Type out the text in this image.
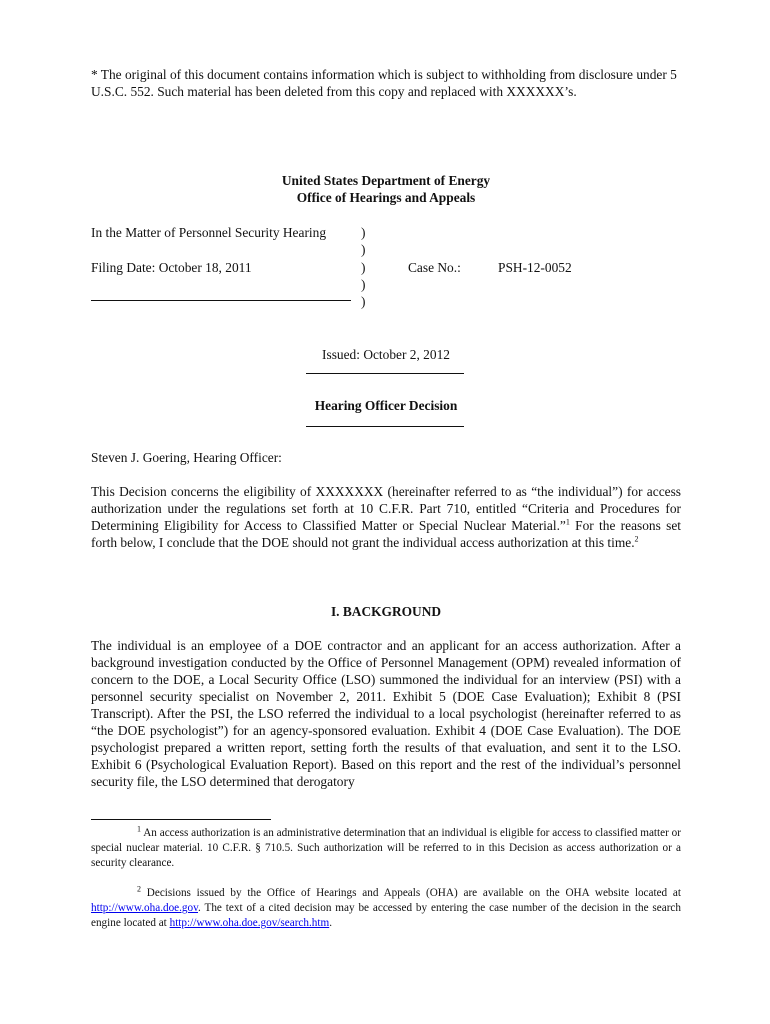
* The original of this document contains information which is subject to withholding from disclosure under 5 U.S.C. 552. Such material has been deleted from this copy and replaced with XXXXXX’s.
United States Department of Energy
Office of Hearings and Appeals
In the Matter of Personnel Security Hearing
Filing Date: October 18, 2011
)
)
)
)
)
Case No.:	PSH-12-0052
Issued: October 2, 2012
Hearing Officer Decision
Steven J. Goering, Hearing Officer:
This Decision concerns the eligibility of XXXXXXX (hereinafter referred to as “the individual”) for access authorization under the regulations set forth at 10 C.F.R. Part 710, entitled “Criteria and Procedures for Determining Eligibility for Access to Classified Matter or Special Nuclear Material.”$^1$ For the reasons set forth below, I conclude that the DOE should not grant the individual access authorization at this time.$^2$
I. BACKGROUND
The individual is an employee of a DOE contractor and an applicant for an access authorization. After a background investigation conducted by the Office of Personnel Management (OPM) revealed information of concern to the DOE, a Local Security Office (LSO) summoned the individual for an interview (PSI) with a personnel security specialist on November 2, 2011. Exhibit 5 (DOE Case Evaluation); Exhibit 8 (PSI Transcript). After the PSI, the LSO referred the individual to a local psychologist (hereinafter referred to as “the DOE psychologist”) for an agency-sponsored evaluation. Exhibit 4 (DOE Case Evaluation). The DOE psychologist prepared a written report, setting forth the results of that evaluation, and sent it to the LSO. Exhibit 6 (Psychological Evaluation Report). Based on this report and the rest of the individual’s personnel security file, the LSO determined that derogatory
$^1$ An access authorization is an administrative determination that an individual is eligible for access to classified matter or special nuclear material. 10 C.F.R. § 710.5. Such authorization will be referred to in this Decision as access authorization or a security clearance.
$^2$ Decisions issued by the Office of Hearings and Appeals (OHA) are available on the OHA website located at http://www.oha.doe.gov. The text of a cited decision may be accessed by entering the case number of the decision in the search engine located at http://www.oha.doe.gov/search.htm.
